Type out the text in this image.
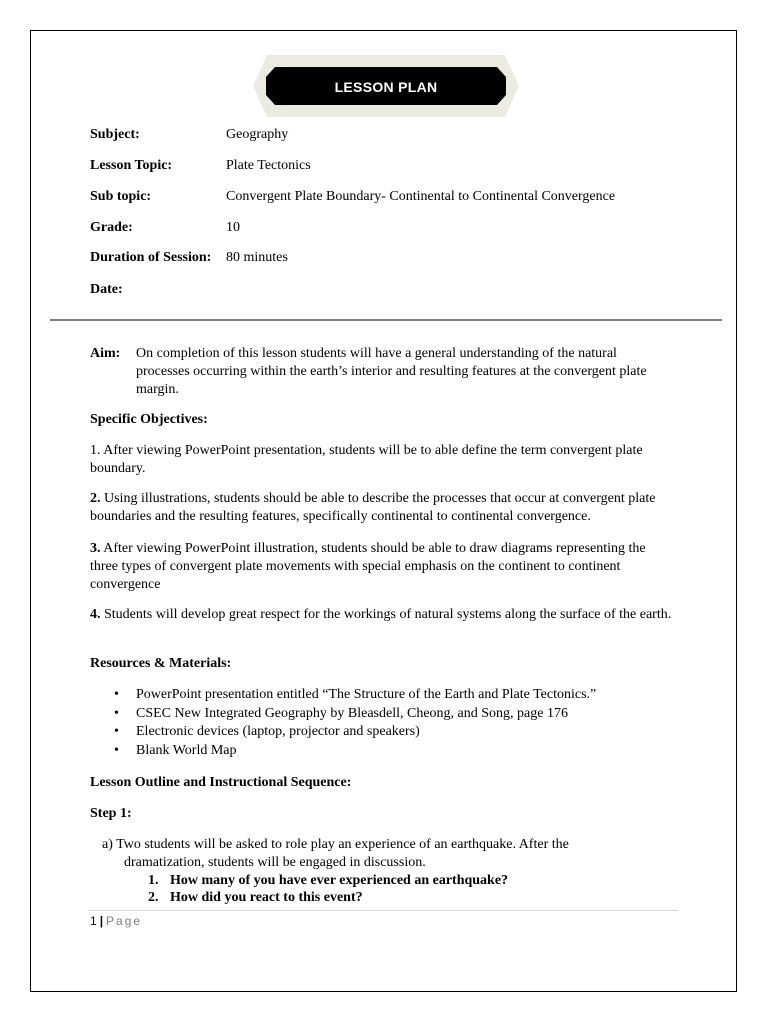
LESSON PLAN
Subject:	Geography
Lesson Topic:	Plate Tectonics
Sub topic:	Convergent Plate Boundary- Continental to Continental Convergence
Grade:	10
Duration of Session: 80 minutes
Date:
Aim: On completion of this lesson students will have a general understanding of the natural processes occurring within the earth’s interior and resulting features at the convergent plate margin.
Specific Objectives:
1. After viewing PowerPoint presentation, students will be to able define the term convergent plate boundary.
2. Using illustrations, students should be able to describe the processes that occur at convergent plate boundaries and the resulting features, specifically continental to continental convergence.
3. After viewing PowerPoint illustration, students should be able to draw diagrams representing the three types of convergent plate movements with special emphasis on the continent to continent convergence
4. Students will develop great respect for the workings of natural systems along the surface of the earth.
Resources & Materials:
• PowerPoint presentation entitled “The Structure of the Earth and Plate Tectonics.”
• CSEC New Integrated Geography by Bleasdell, Cheong, and Song, page 176
• Electronic devices (laptop, projector and speakers)
• Blank World Map
Lesson Outline and Instructional Sequence:
Step 1:
a) Two students will be asked to role play an experience of an earthquake. After the
dramatization, students will be engaged in discussion.
1. How many of you have ever experienced an earthquake?
2. How did you react to this event?
1 | Page
